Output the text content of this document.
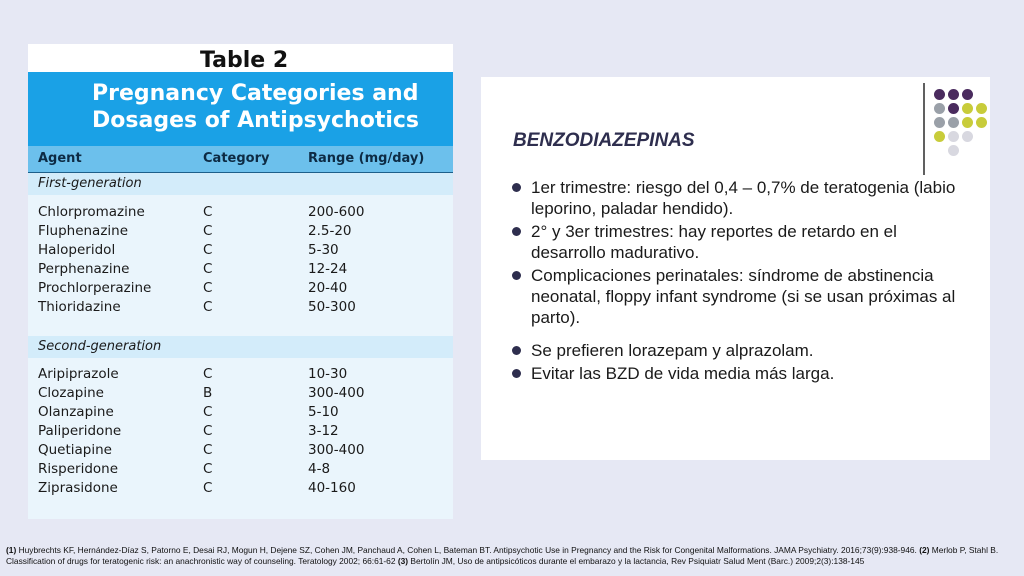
Table 2
Pregnancy Categories and
Dosages of Antipsychotics
Agent	Category	Range (mg/day)
First-generation
Chlorpromazine	C	200-600
Fluphenazine	C	2.5-20
Haloperidol	C	5-30
Perphenazine	C	12-24
Prochlorperazine	C	20-40
Thioridazine	C	50-300
Second-generation
Aripiprazole	C	10-30
Clozapine	B	300-400
Olanzapine	C	5-10
Paliperidone	C	3-12
Quetiapine	C	300-400
Risperidone	C	4-8
Ziprasidone	C	40-160
BENZODIAZEPINAS
1er trimestre: riesgo del 0,4 – 0,7% de teratogenia (labio leporino, paladar hendido).
2° y 3er trimestres: hay reportes de retardo en el desarrollo madurativo.
Complicaciones perinatales: síndrome de abstinencia neonatal, floppy infant syndrome (si se usan próximas al parto).
Se prefieren lorazepam y alprazolam.
Evitar las BZD de vida media más larga.
(1) Huybrechts KF, Hernández-Díaz S, Patorno E, Desai RJ, Mogun H, Dejene SZ, Cohen JM, Panchaud A, Cohen L, Bateman BT. Antipsychotic Use in Pregnancy and the Risk for Congenital Malformations. JAMA Psychiatry. 2016;73(9):938-946. (2) Merlob P, Stahl B. Classification of drugs for teratogenic risk: an anachronistic way of counseling. Teratology 2002; 66:61-62 (3) Bertolín JM, Uso de antipsicóticos durante el embarazo y la lactancia, Rev Psiquiatr Salud Ment (Barc.) 2009;2(3):138-145
